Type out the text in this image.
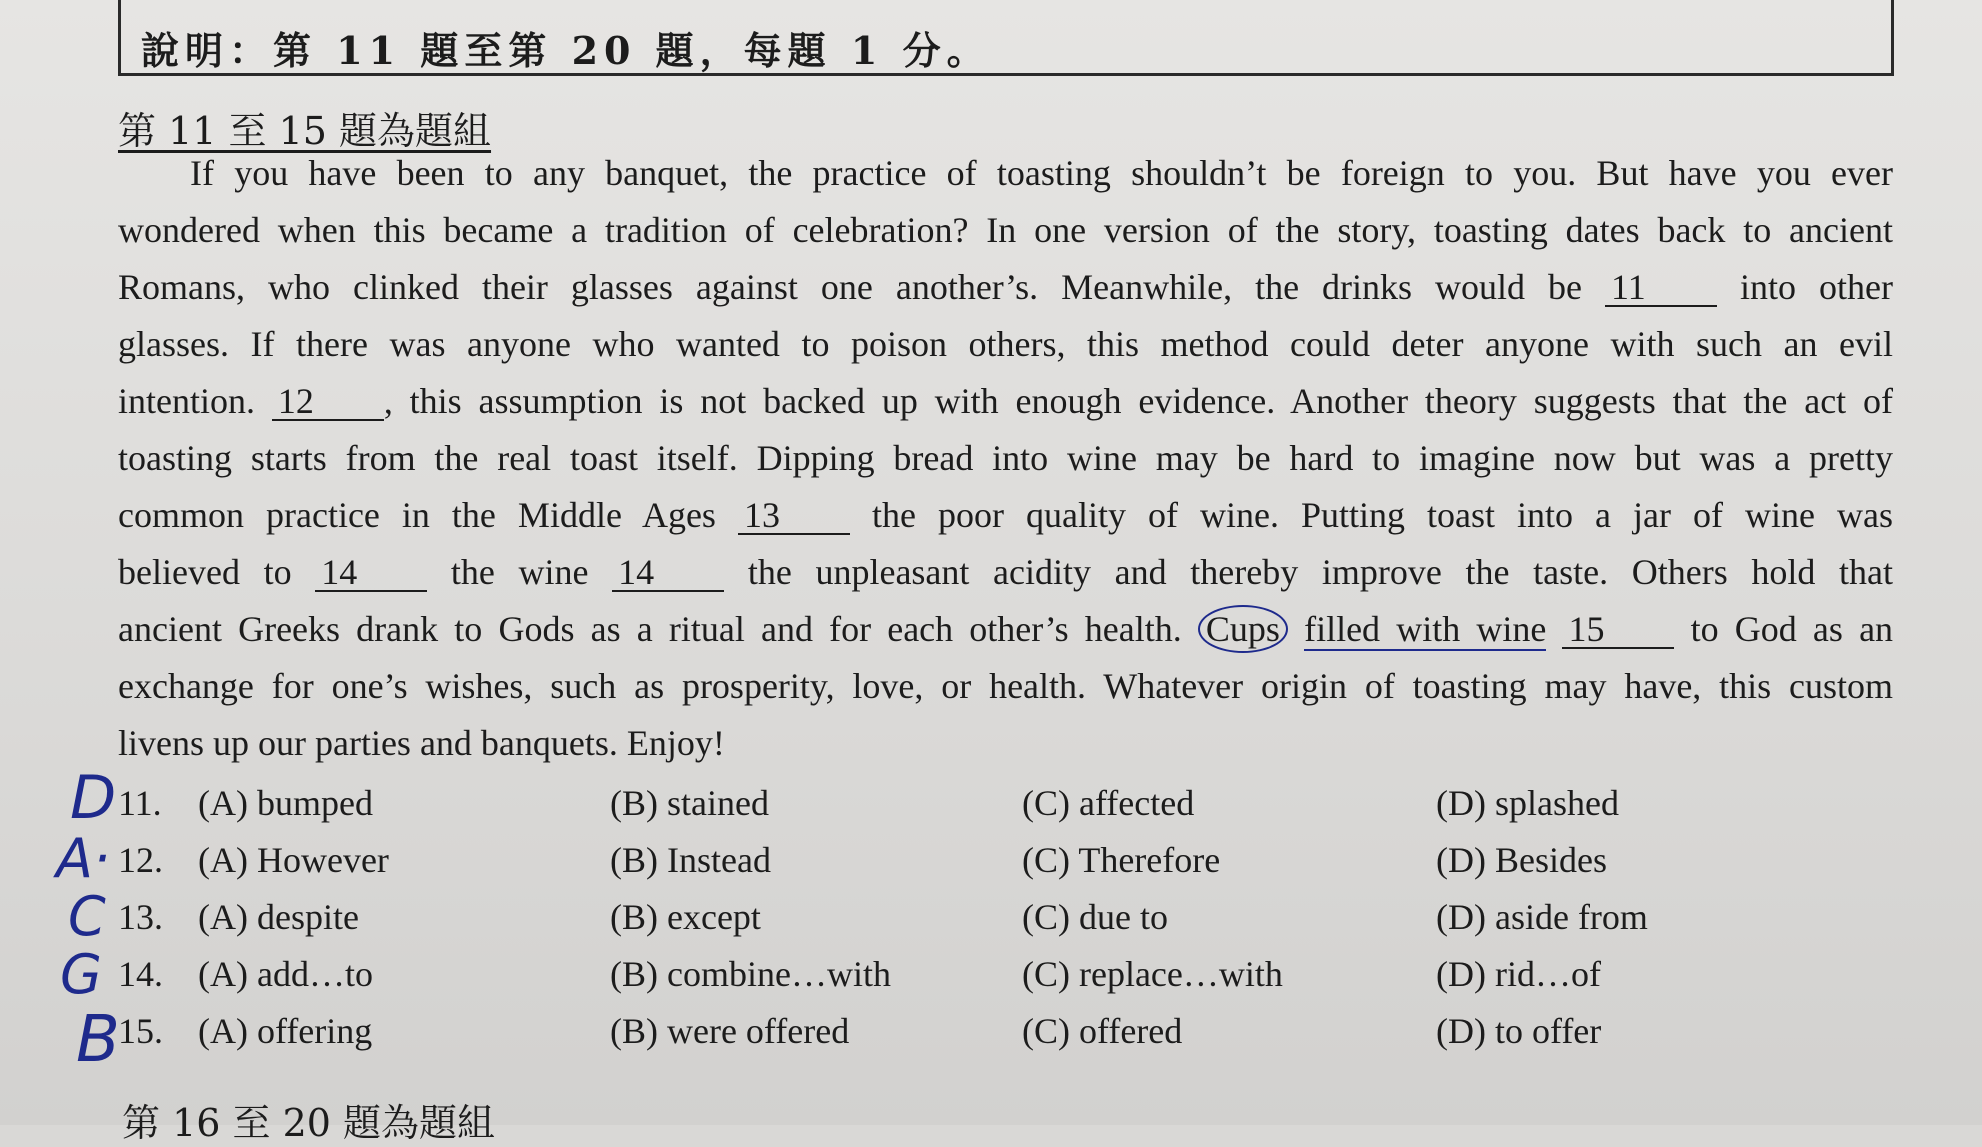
說明：第 11 題至第 20 題，每題 1 分。
第 11 至 15 題為題組
If you have been to any banquet, the practice of toasting shouldn’t be foreign to you. But have you ever
wondered when this became a tradition of celebration? In one version of the story, toasting dates back to ancient
Romans, who clinked their glasses against one another’s. Meanwhile, the drinks would be 11	into other
glasses. If there was anyone who wanted to poison others, this method could deter anyone with such an evil
intention. 12 , this assumption is not backed up with enough evidence. Another theory suggests that the act of
toasting starts from the real toast itself. Dipping bread into wine may be hard to imagine now but was a pretty
common practice in the Middle Ages 13	the poor quality of wine. Putting toast into a jar of wine was
believed to 14	the wine 14	the unpleasant acidity and thereby improve the taste. Others hold that
ancient Greeks drank to Gods as a ritual and for each other’s health. Cups filled with wine 15 to God as an
exchange for one’s wishes, such as prosperity, love, or health. Whatever origin of toasting may have, this custom
livens up our parties and banquets. Enjoy!
11. (A) bumped	(B) stained	(C) affected	(D) splashed
12. (A) However	(B) Instead	(C) Therefore	(D) Besides
13. (A) despite	(B) except	(C) due to	(D) aside from
14. (A) add…to	(B) combine…with	(C) replace…with	(D) rid…of
15. (A) offering	(B) were offered	(C) offered	(D) to offer
D
A·
C
G
B
第 16 至 20 題為題組
